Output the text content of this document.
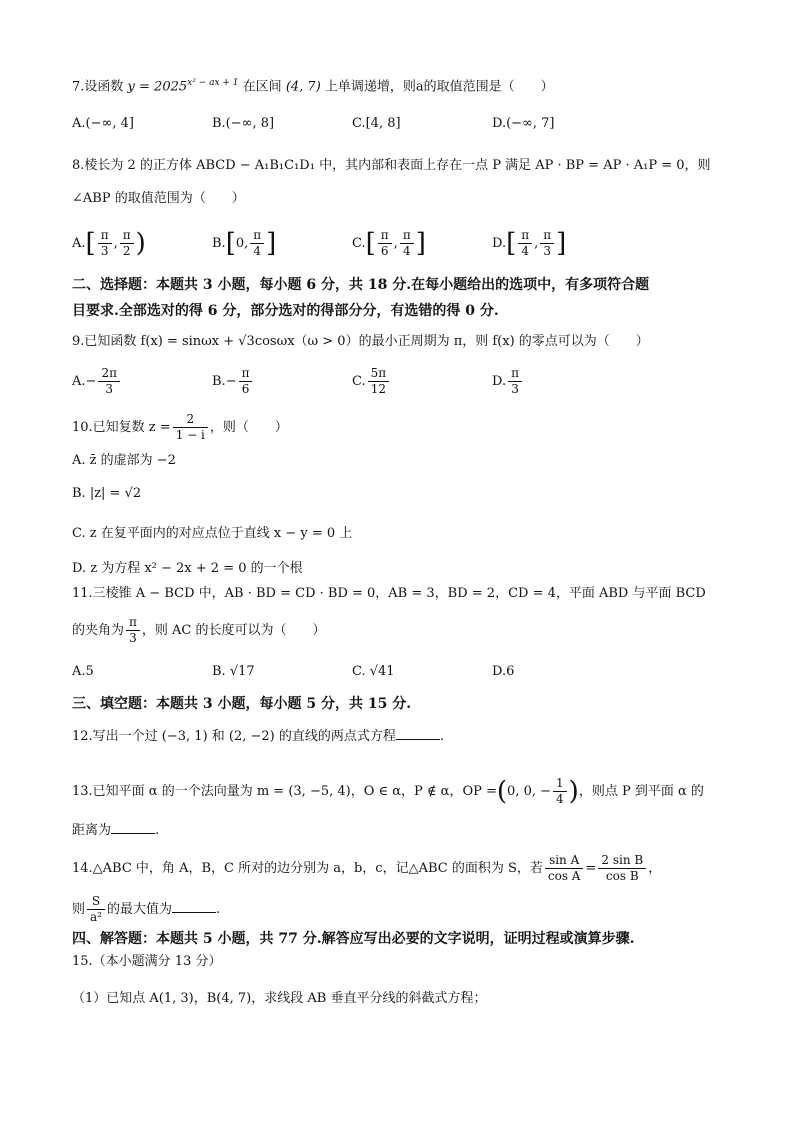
7.设函数 $y = 2025^{x^2 - ax + 1}$ 在区间 (4, 7) 上单调递增，则a的取值范围是（　　）
A.(−∞, 4]	B.(−∞, 8]	C.[4, 8]	D.(−∞, 7]
8.棱长为 2 的正方体 ABCD − A₁B₁C₁D₁ 中，其内部和表面上存在一点 P 满足 AP · BP = AP · A₁P = 0，则
∠ABP 的取值范围为（　　）
$A.[ \frac{\pi}{3}$ , $\frac{\pi}{2}$ )	B.[0, $\frac{\pi}{4}$ ]	$C.[ \frac{\pi}{6}$ , $\frac{\pi}{4}$ ]	$D.[ \frac{\pi}{4}$ , $\frac{\pi}{3}$ ]
二、选择题：本题共 3 小题，每小题 6 分，共 18 分.在每小题给出的选项中，有多项符合题
目要求.全部选对的得 6 分，部分选对的得部分分，有选错的得 0 分.
9.已知函数 f(x) = sinωx + √3cosωx（ω > 0）的最小正周期为 π，则 f(x) 的零点可以为（　　）
$A.- \frac{2\pi}{3}$	$B.- \frac{\pi}{6}$	C. $\frac{5\pi}{12}$	D. $\frac{\pi}{3}$
10.已知复数 $z = \frac{2}{1 - i}$ ，则（　　）
A. z̄ 的虚部为 −2
B. |z| = √2
C. z 在复平面内的对应点位于直线 x − y = 0 上
D. z 为方程 x² − 2x + 2 = 0 的一个根
11.三棱锥 A − BCD 中，AB · BD = CD · BD = 0，AB = 3，BD = 2，CD = 4，平面 ABD 与平面 BCD
的夹角为 $\frac{\pi}{3}$ ，则 AC 的长度可以为（　　）
A.5	B. √17	C. √41	D.6
三、填空题：本题共 3 小题，每小题 5 分，共 15 分.
12.写出一个过 (−3, 1) 和 (2, −2) 的直线的两点式方程	.
13.已知平面 α 的一个法向量为 m = (3, −5, 4)，O ∈ α，P ∉ α，OP =(0, 0, − $\frac{1}{4}$ )，则点 P 到平面 α 的
距离为	.
14.△ABC 中，角 A，B，C 所对的边分别为 a，b，c，记△ABC 的面积为 S，若 $\frac{\text{sin A}}{\text{cos A}} = \frac{\text{2 sin B}}{\text{cos B}}$ ，
则 $\frac{S}{\text{a²}}$ 的最大值为	.
四、解答题：本题共 5 小题，共 77 分.解答应写出必要的文字说明，证明过程或演算步骤.
15.（本小题满分 13 分）
（1）已知点 A(1, 3)，B(4, 7)，求线段 AB 垂直平分线的斜截式方程；
